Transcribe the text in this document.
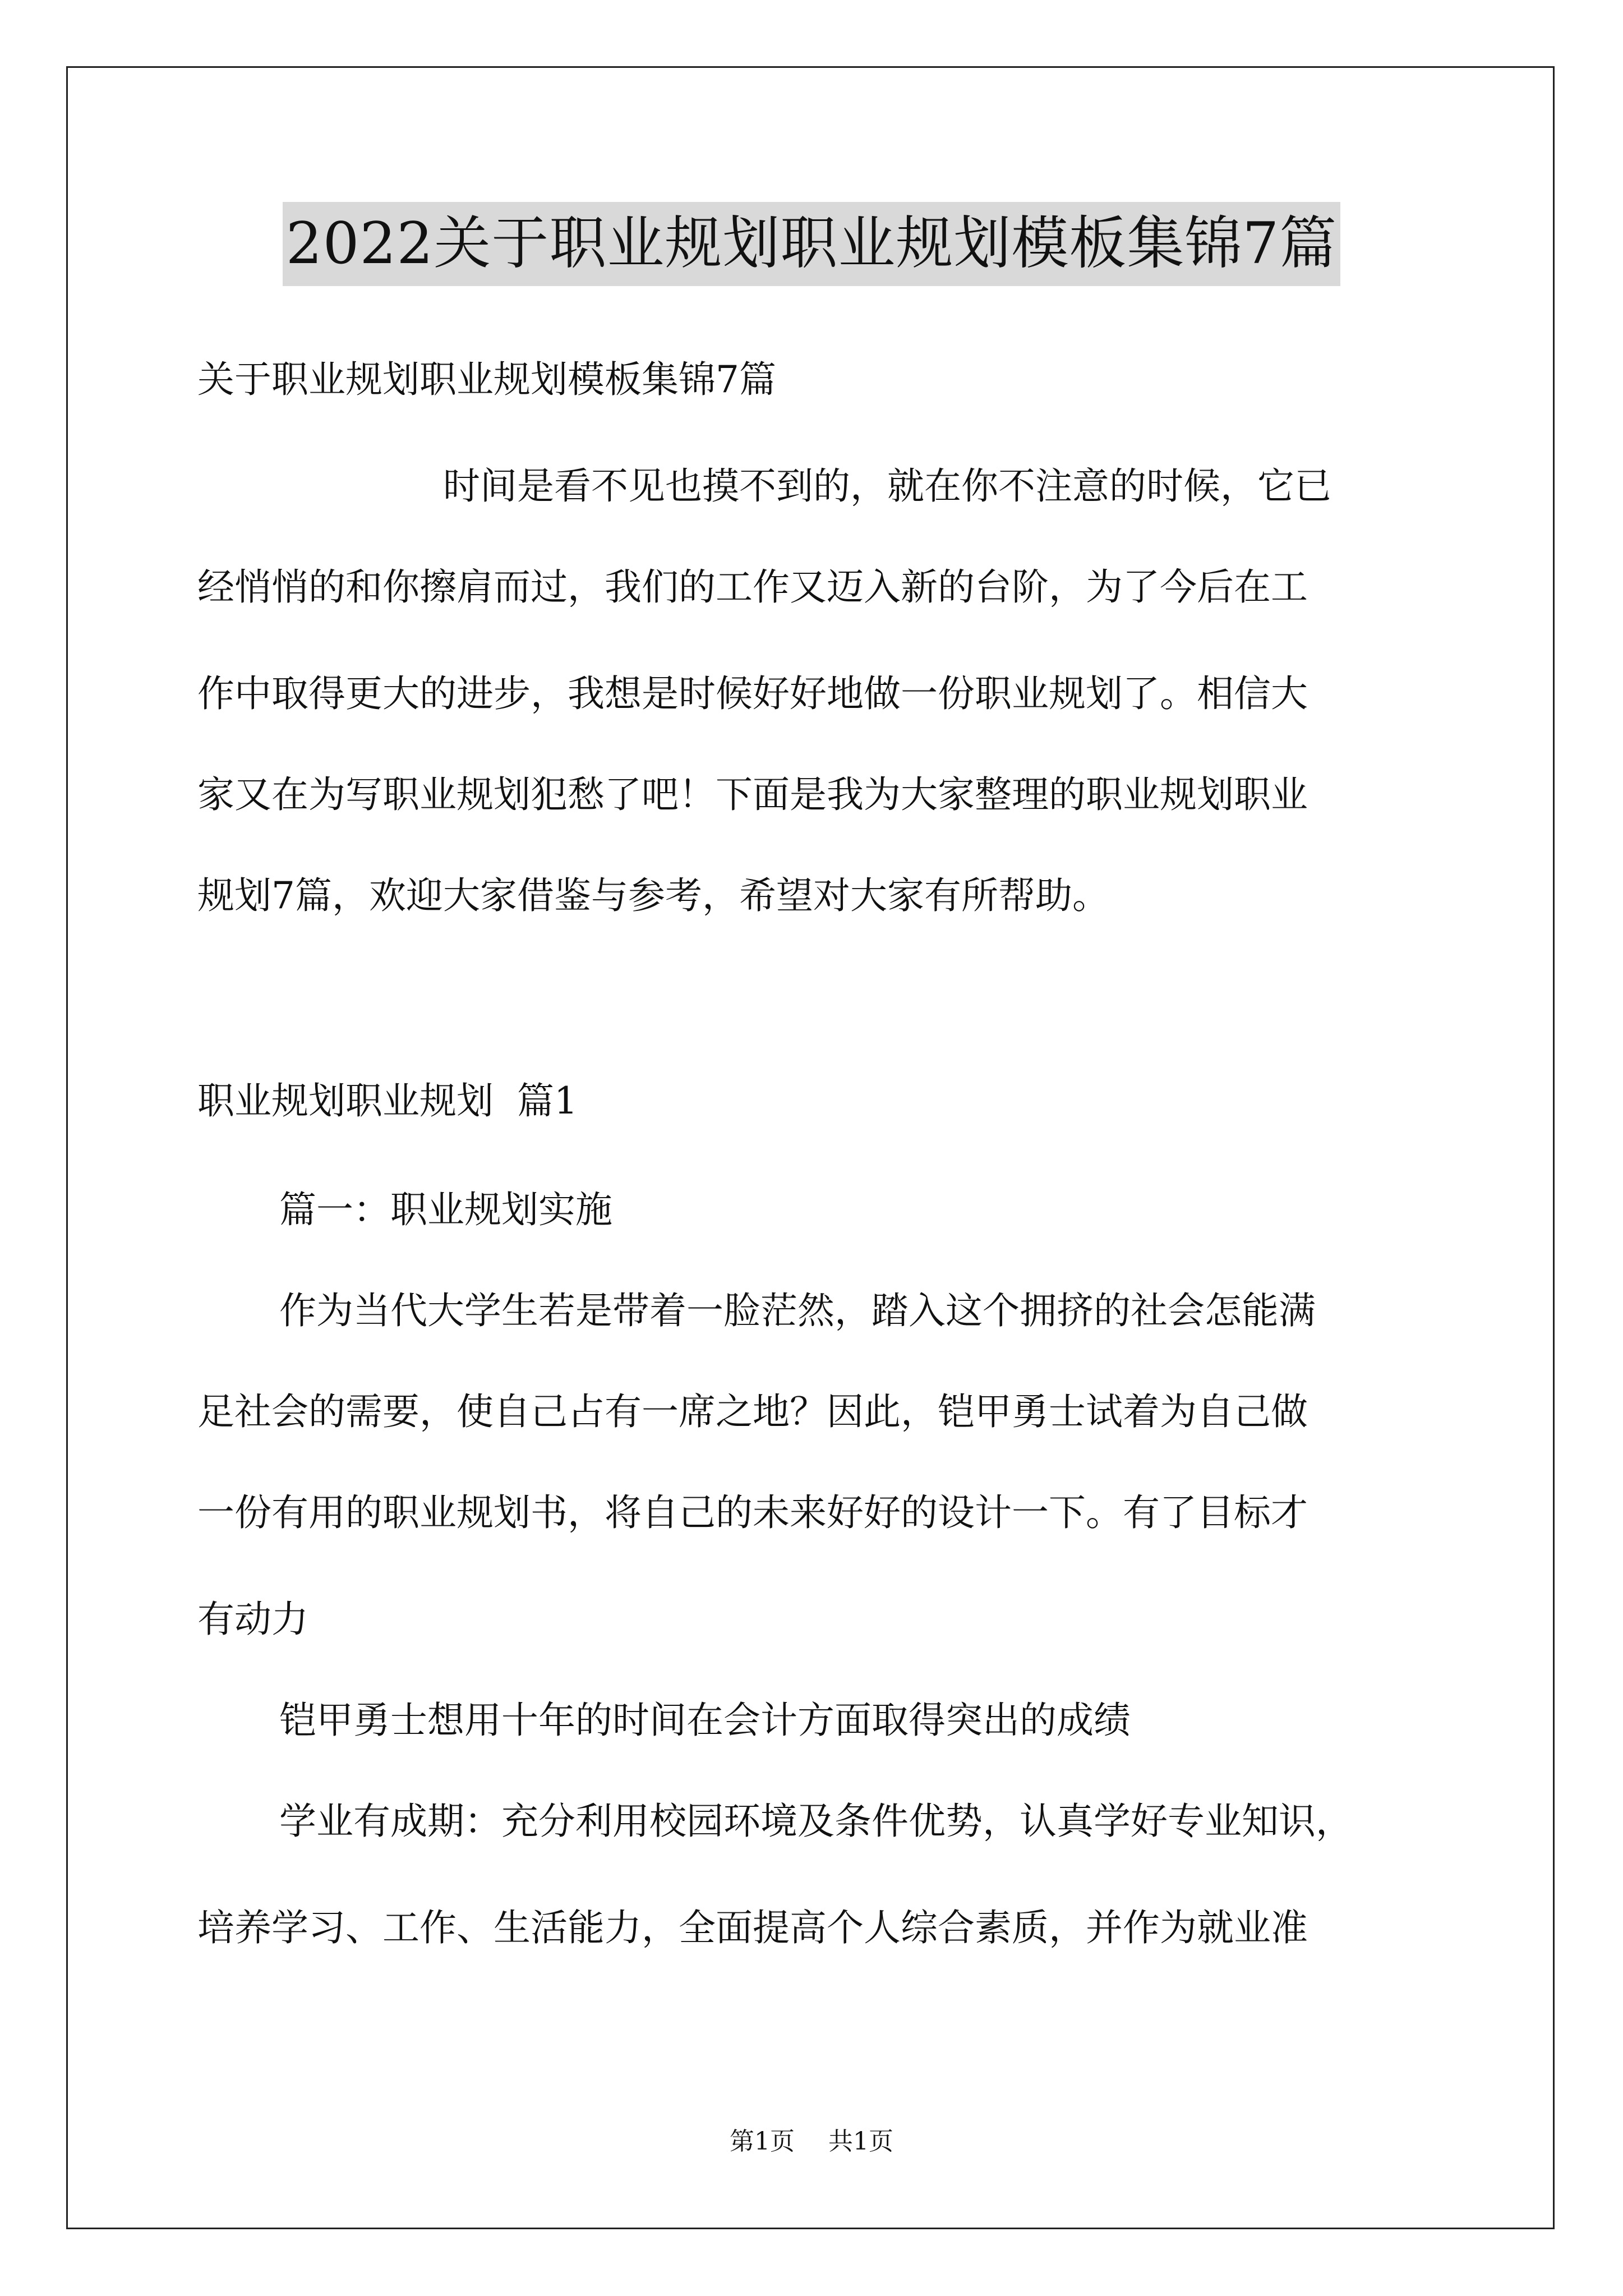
2022关于职业规划职业规划模板集锦7篇

关于职业规划职业规划模板集锦7篇

时间是看不见也摸不到的，就在你不注意的时候，它已

经悄悄的和你擦肩而过，我们的工作又迈入新的台阶，为了今后在工

作中取得更大的进步，我想是时候好好地做一份职业规划了。相信大

家又在为写职业规划犯愁了吧！下面是我为大家整理的职业规划职业

规划7篇，欢迎大家借鉴与参考，希望对大家有所帮助。

职业规划职业规划  篇1

篇一：职业规划实施

作为当代大学生若是带着一脸茫然，踏入这个拥挤的社会怎能满

足社会的需要，使自己占有一席之地？因此，铠甲勇士试着为自己做

一份有用的职业规划书，将自己的未来好好的设计一下。有了目标才

有动力

铠甲勇士想用十年的时间在会计方面取得突出的成绩

学业有成期：充分利用校园环境及条件优势，认真学好专业知识，

培养学习、工作、生活能力，全面提高个人综合素质，并作为就业准

第1页 共1页
